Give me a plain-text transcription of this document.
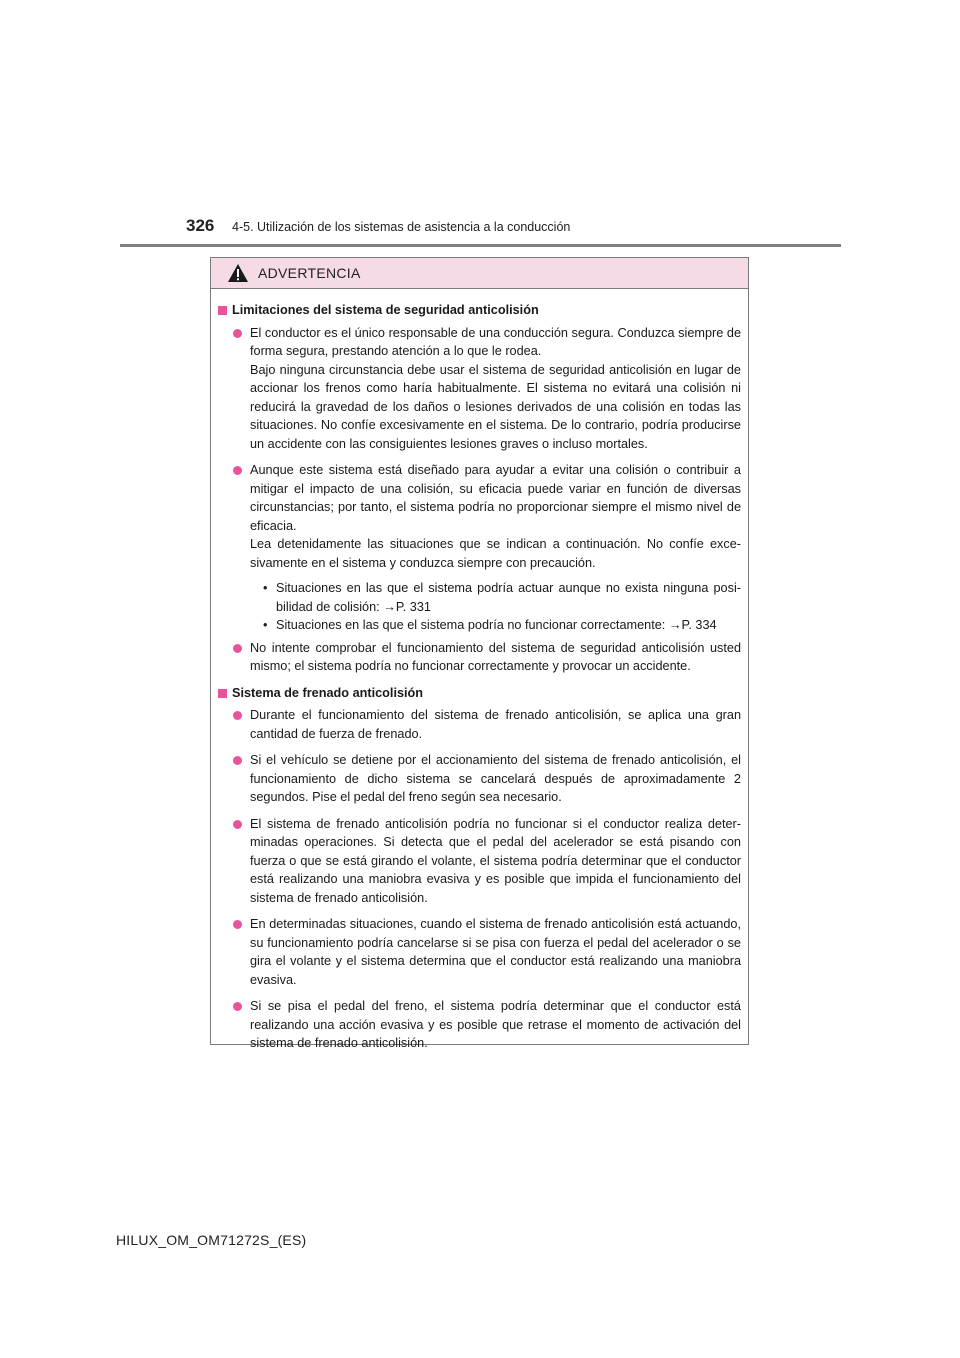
326 4-5. Utilización de los sistemas de asistencia a la conducción
ADVERTENCIA
Limitaciones del sistema de seguridad anticolisión

El conductor es el único responsable de una conducción segura. Conduzca siempre de forma segura, prestando atención a lo que le rodea.

Bajo ninguna circunstancia debe usar el sistema de seguridad anticolisión en lugar de accionar los frenos como haría habitualmente. El sistema no evitará una colisión ni reducirá la gravedad de los daños o lesiones derivados de una colisión en todas las situaciones. No confíe excesivamente en el sistema. De lo contrario, podría producirse un accidente con las consiguientes lesiones graves o incluso mortales.

Aunque este sistema está diseñado para ayudar a evitar una colisión o contribuir a mitigar el impacto de una colisión, su eficacia puede variar en función de diversas circunstancias; por tanto, el sistema podría no proporcionar siempre el mismo nivel de eficacia.

Lea detenidamente las situaciones que se indican a continuación. No confíe excesivamente en el sistema y conduzca siempre con precaución.

• Situaciones en las que el sistema podría actuar aunque no exista ninguna posibilidad de colisión: →P. 331
• Situaciones en las que el sistema podría no funcionar correctamente: →P. 334

No intente comprobar el funcionamiento del sistema de seguridad anticolisión usted mismo; el sistema podría no funcionar correctamente y provocar un accidente.

Sistema de frenado anticolisión

Durante el funcionamiento del sistema de frenado anticolisión, se aplica una gran cantidad de fuerza de frenado.

Si el vehículo se detiene por el accionamiento del sistema de frenado anticolisión, el funcionamiento de dicho sistema se cancelará después de aproximadamente 2 segundos. Pise el pedal del freno según sea necesario.

El sistema de frenado anticolisión podría no funcionar si el conductor realiza determinadas operaciones. Si detecta que el pedal del acelerador se está pisando con fuerza o que se está girando el volante, el sistema podría determinar que el conductor está realizando una maniobra evasiva y es posible que impida el funcionamiento del sistema de frenado anticolisión.

En determinadas situaciones, cuando el sistema de frenado anticolisión está actuando, su funcionamiento podría cancelarse si se pisa con fuerza el pedal del acelerador o se gira el volante y el sistema determina que el conductor está realizando una maniobra evasiva.

Si se pisa el pedal del freno, el sistema podría determinar que el conductor está realizando una acción evasiva y es posible que retrase el momento de activación del sistema de frenado anticolisión.

HILUX_OM_OM71272S_(ES)
